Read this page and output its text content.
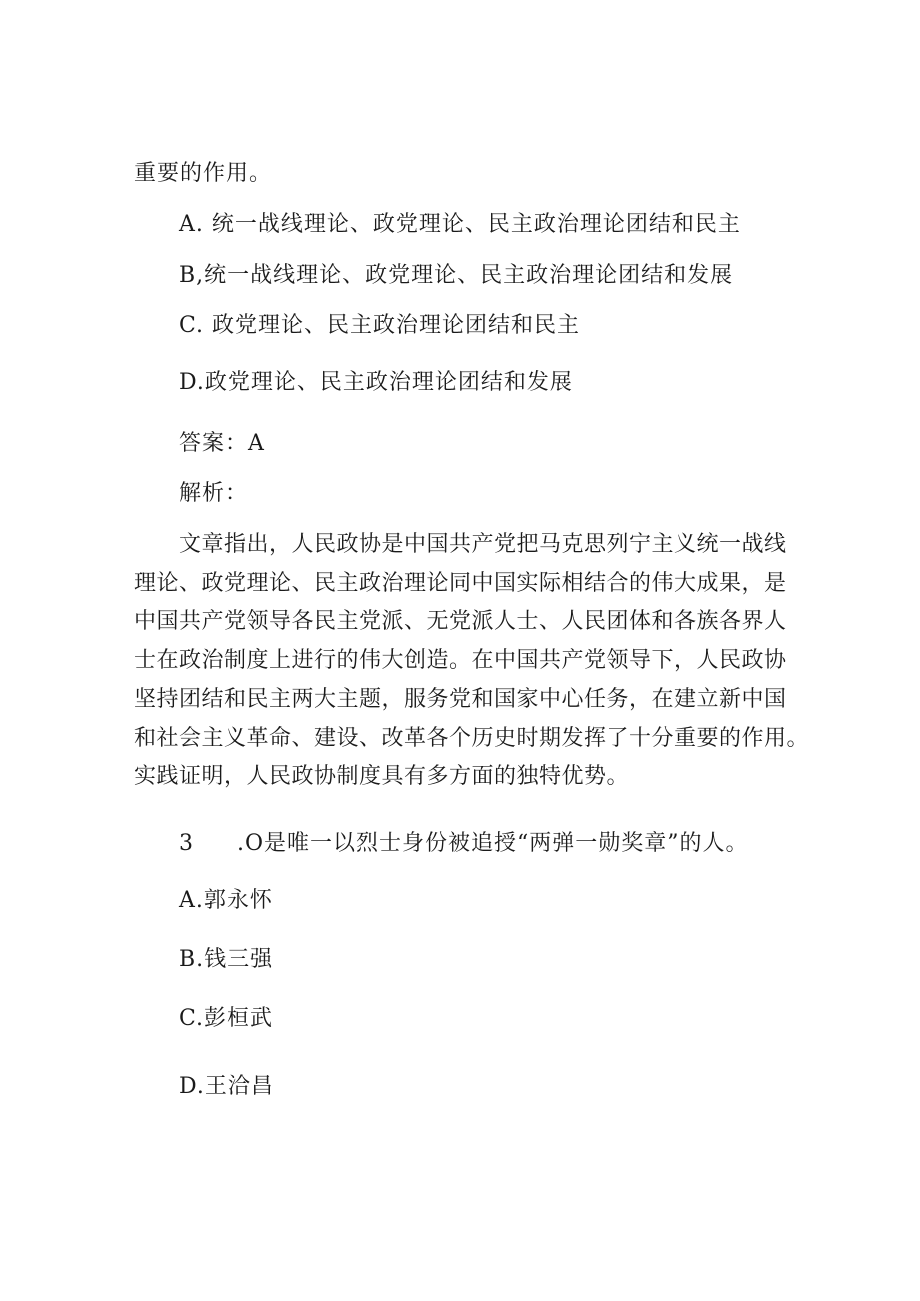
重要的作用。
A. 统一战线理论、政党理论、民主政治理论团结和民主
B,统一战线理论、政党理论、民主政治理论团结和发展
C. 政党理论、民主政治理论团结和民主
D.政党理论、民主政治理论团结和发展
答案：A
解析：
　　文章指出，人民政协是中国共产党把马克思列宁主义统一战线
理论、政党理论、民主政治理论同中国实际相结合的伟大成果，是
中国共产党领导各民主党派、无党派人士、人民团体和各族各界人
士在政治制度上进行的伟大创造。在中国共产党领导下，人民政协
坚持团结和民主两大主题，服务党和国家中心任务，在建立新中国
和社会主义革命、建设、改革各个历史时期发挥了十分重要的作用。
实践证明，人民政协制度具有多方面的独特优势。
3 .O是唯一以烈士身份被追授“两弹一勋奖章”的人。
A.郭永怀
B.钱三强
C.彭桓武
D.王洽昌
